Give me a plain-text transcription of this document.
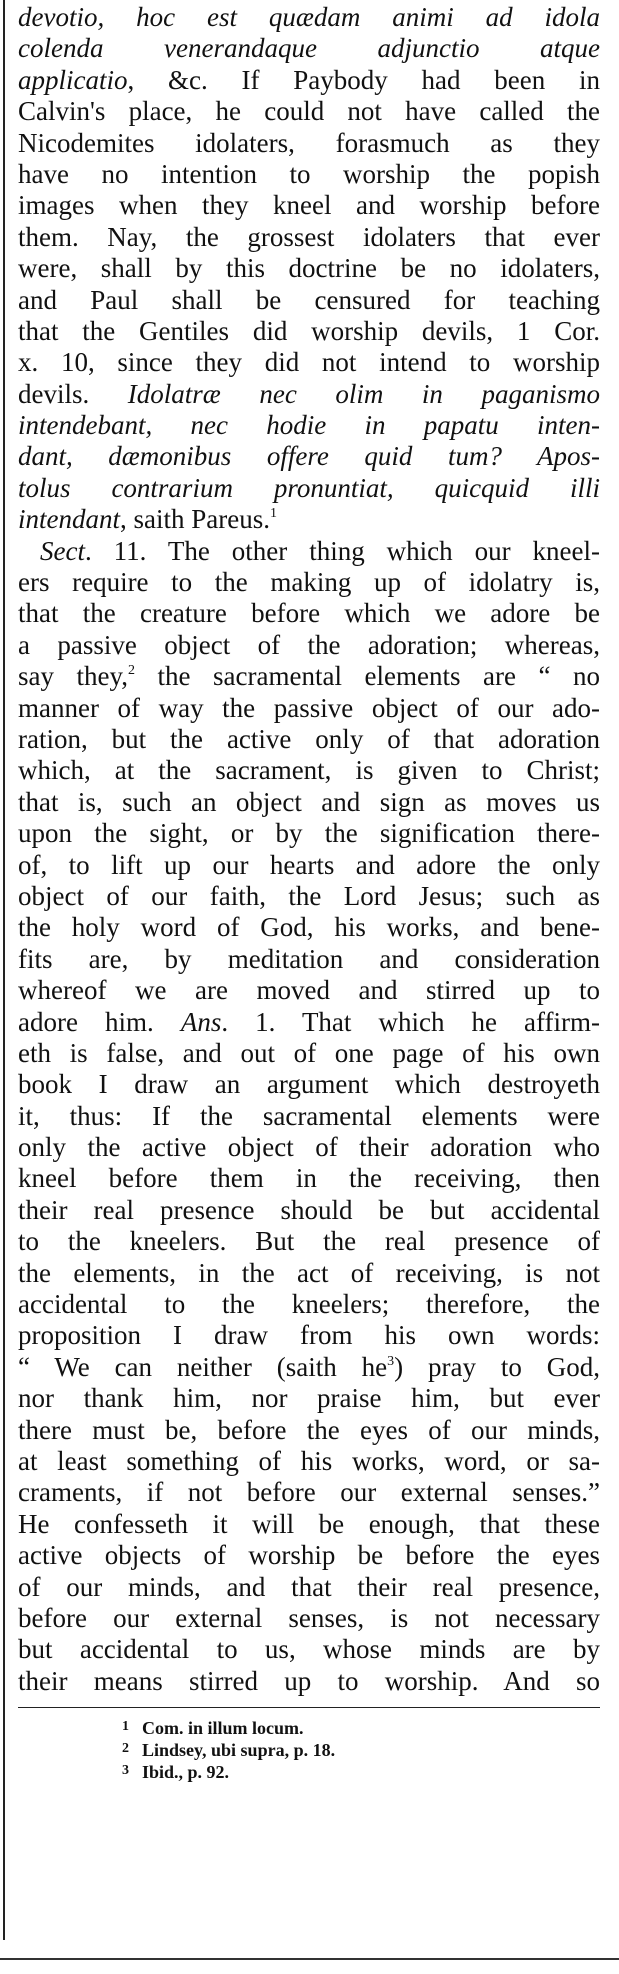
devotio, hoc est quædam animi ad idola
colenda venerandaque adjunctio atque
applicatio, &c. If Paybody had been in
Calvin's place, he could not have called the
Nicodemites idolaters, forasmuch as they
have no intention to worship the popish
images when they kneel and worship before
them. Nay, the grossest idolaters that ever
were, shall by this doctrine be no idolaters,
and Paul shall be censured for teaching
that the Gentiles did worship devils, 1 Cor.
x. 10, since they did not intend to worship
devils. Idolatræ nec olim in paganismo
intendebant, nec hodie in papatu inten-
dant, dæmonibus offere quid tum? Apos-
tolus contrarium pronuntiat, quicquid illi
intendant, saith Pareus.$^1$
Sect. 11. The other thing which our kneel-
ers require to the making up of idolatry is,
that the creature before which we adore be
a passive object of the adoration; whereas,
say they,$^2$ the sacramental elements are “ no
manner of way the passive object of our ado-
ration, but the active only of that adoration
which, at the sacrament, is given to Christ;
that is, such an object and sign as moves us
upon the sight, or by the signification there-
of, to lift up our hearts and adore the only
object of our faith, the Lord Jesus; such as
the holy word of God, his works, and bene-
fits are, by meditation and consideration
whereof we are moved and stirred up to
adore him. Ans. 1. That which he affirm-
eth is false, and out of one page of his own
book I draw an argument which destroyeth
it, thus: If the sacramental elements were
only the active object of their adoration who
kneel before them in the receiving, then
their real presence should be but accidental
to the kneelers. But the real presence of
the elements, in the act of receiving, is not
accidental to the kneelers; therefore, the
proposition I draw from his own words:
“ We can neither (saith $he^3$) pray to God,
nor thank him, nor praise him, but ever
there must be, before the eyes of our minds,
at least something of his works, word, or sa-
craments, if not before our external senses.”
He confesseth it will be enough, that these
active objects of worship be before the eyes
of our minds, and that their real presence,
before our external senses, is not necessary
but accidental to us, whose minds are by
their means stirred up to worship. And so
1 Com. in illum locum.
2 Lindsey, ubi supra, p. 18.
3 Ibid., p. 92.
